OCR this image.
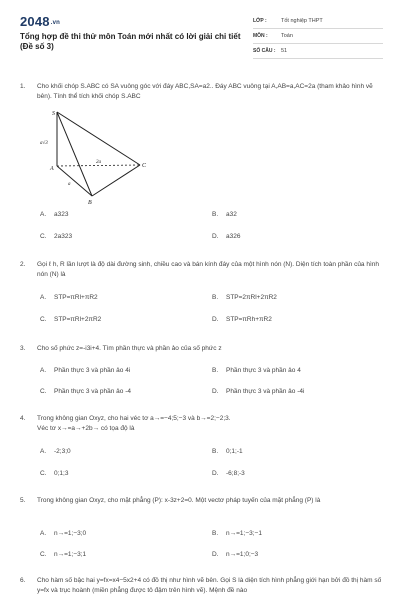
2048.vn
Tổng hợp đề thi thử môn Toán mới nhất có lời giải chi tiết (Đề số 3)
LỚP :	Tốt nghiệp THPT
MÔN :	Toán
SỐ CÂU :	51
1. Cho khối chóp S.ABC có SA vuông góc với đáy ABC,SA=a2.. Đáy ABC vuông tại A,AB=a,AC=2a (tham khảo hình vẽ bên). Tính thể tích khối chóp S.ABC
S
A
B
C
a√3
2a
a
A. a323	B. a32
C. 2a323	D. a326
2. Gọi ℓ h, R lần lượt là độ dài đường sinh, chiều cao và bán kính đáy của một hình nón (N). Diện tích toàn phần của hình nón (N) là
A. STP=πRl+πR2	B. STP=2πRl+2πR2
C. STP=πRl+2πR2	D. STP=πRh+πR2
3. Cho số phức z=-i3i+4. Tìm phần thực và phần ảo của số phức z
A. Phần thực 3 và phần ảo 4i	B. Phần thực 3 và phần ảo 4
C. Phần thực 3 và phần ảo -4	D. Phần thực 3 và phần ảo -4i
4. Trong không gian Oxyz, cho hai véc tơ a→=−4;5;−3 và b→=2;−2;3.
Véc tơ x→=a→+2b→ có tọa độ là
A. -2;3;0	B. 0;1;-1
C. 0;1;3	D. -6;8;-3
5. Trong không gian Oxyz, cho mặt phẳng (P): x-3z+2=0. Một vectơ pháp tuyến của mặt phẳng (P) là
A. n→=1;−3;0	B. n→=1;−3;−1
C. n→=1;−3;1	D. n→=1;0;−3
6. Cho hàm số bậc hai y=fx=x4−5x2+4 có đồ thị như hình vẽ bên. Gọi S là diện tích hình phẳng giới hạn bởi đồ thị hàm số y=fx và trục hoành (miền phẳng được tô đậm trên hình vẽ). Mệnh đề nào
